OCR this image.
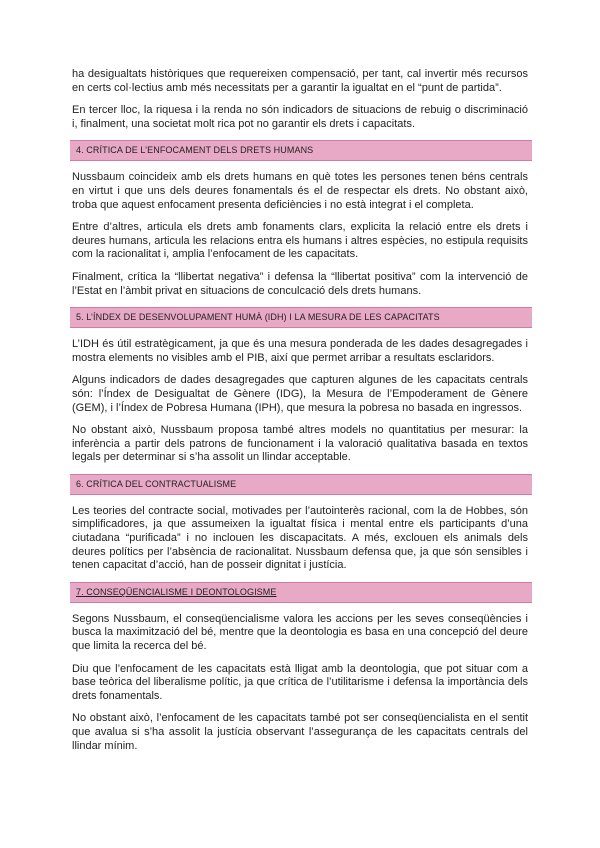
ha desigualtats històriques que requereixen compensació, per tant, cal invertir més recursos en certs col·lectius amb més necessitats per a garantir la igualtat en el “punt de partida”.

En tercer lloc, la riquesa i la renda no són indicadors de situacions de rebuig o discriminació i, finalment, una societat molt rica pot no garantir els drets i capacitats.

4. CRÍTICA DE L’ENFOCAMENT DELS DRETS HUMANS

Nussbaum coincideix amb els drets humans en què totes les persones tenen béns centrals en virtut i que uns dels deures fonamentals és el de respectar els drets. No obstant això, troba que aquest enfocament presenta deficiències i no està integrat i el completa.

Entre d’altres, articula els drets amb fonaments clars, explicita la relació entre els drets i deures humans, articula les relacions entra els humans i altres espècies, no estipula requisits com la racionalitat i, amplia l’enfocament de les capacitats.

Finalment, crítica la “llibertat negativa” i defensa la “llibertat positiva” com la intervenció de l’Estat en l’àmbit privat en situacions de conculcació dels drets humans.

5. L’ÍNDEX DE DESENVOLUPAMENT HUMÀ (IDH) I LA MESURA DE LES CAPACITATS

L’IDH és útil estratègicament, ja que és una mesura ponderada de les dades desagregades i mostra elements no visibles amb el PIB, així que permet arribar a resultats esclaridors.

Alguns indicadors de dades desagregades que capturen algunes de les capacitats centrals són: l’Índex de Desigualtat de Gènere (IDG), la Mesura de l’Empoderament de Gènere (GEM), i l’Índex de Pobresa Humana (IPH), que mesura la pobresa no basada en ingressos.

No obstant això, Nussbaum proposa també altres models no quantitatius per mesurar: la inferència a partir dels patrons de funcionament i la valoració qualitativa basada en textos legals per determinar si s’ha assolit un llindar acceptable.

6. CRÍTICA DEL CONTRACTUALISME

Les teories del contracte social, motivades per l’autointerès racional, com la de Hobbes, són simplificadores, ja que assumeixen la igualtat física i mental entre els participants d’una ciutadana “purificada” i no inclouen les discapacitats. A més, exclouen els animals dels deures polítics per l’absència de racionalitat. Nussbaum defensa que, ja que són sensibles i tenen capacitat d’acció, han de posseir dignitat i justícia.

7. CONSEQÜENCIALISME I DEONTOLOGISME

Segons Nussbaum, el conseqüencialisme valora les accions per les seves conseqüències i busca la maximització del bé, mentre que la deontologia es basa en una concepció del deure que limita la recerca del bé.

Diu que l’enfocament de les capacitats està lligat amb la deontologia, que pot situar com a base teòrica del liberalisme polític, ja que crítica de l’utilitarisme i defensa la importància dels drets fonamentals.

No obstant això, l’enfocament de les capacitats també pot ser conseqüencialista en el sentit que avalua si s’ha assolit la justícia observant l’assegurança de les capacitats centrals del llindar mínim.
